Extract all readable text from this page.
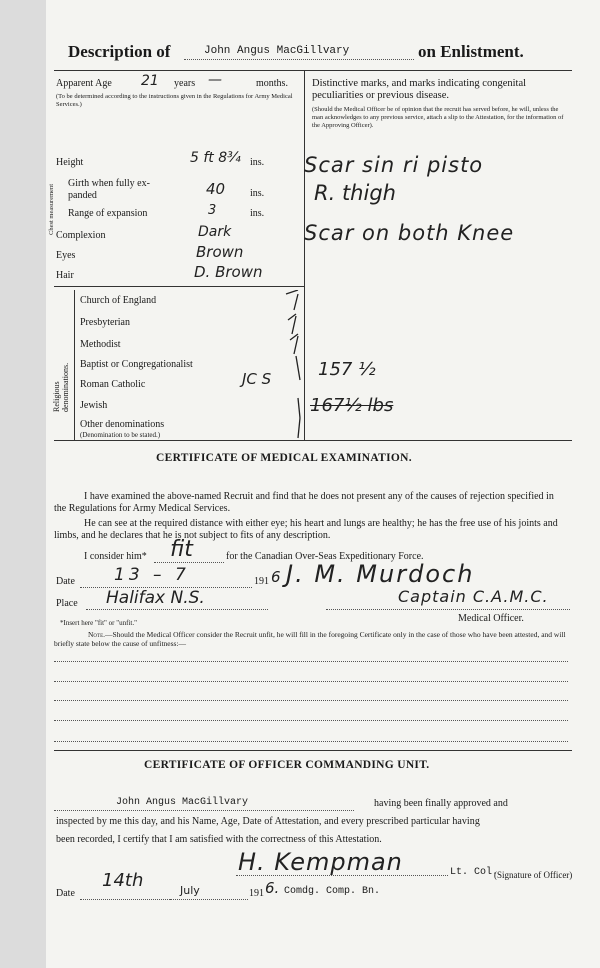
Description of	John Angus MacGillvary	on Enlistment.
Apparent Age 21	—
years	months.
(To be determined according to the instructions given in the Regulations for Army Medical Services.)
Height	5 ft 8¾ ins.
Chest measurement
Girth when fully ex-
panded	40 ins.
Range of expansion	3	ins.
Complexion	Dark
Eyes	Brown
Hair	D. Brown
Religious
denominations.
Church of England
Presbyterian
Methodist
Baptist or Congregationalist
Roman Catholic	JC S
Jewish
Other denominations
(Denomination to be stated.)
Distinctive marks, and marks indicating congenital peculiarities or previous disease.
(Should the Medical Officer be of opinion that the recruit has served before, he will, unless the man acknowledges to any previous service, attach a slip to the Attestation, for the information of the Approving Officer).
Scar sin ri pisto
R. thigh
Scar on both Knee
157 ½
167½ lbs
CERTIFICATE OF MEDICAL EXAMINATION.
I have examined the above-named Recruit and find that he does not present any of the causes of rejection specified in the Regulations for Army Medical Services.
He can see at the required distance with either eye; his heart and lungs are healthy; he has the free use of his joints and limbs, and he declares that he is not subject to fits of any description.
I consider him* fit	for the Canadian Over-Seas Expeditionary Force.
Date 13 – 7	191 6 J. M. Murdoch
Place Halifax N.S.	Captain C.A.M.C.
Medical Officer.
*Insert here "fit" or "unfit."
Note.—Should the Medical Officer consider the Recruit unfit, he will fill in the foregoing Certificate only in the case of those who have been attested, and will briefly state below the cause of unfitness:—
CERTIFICATE OF OFFICER COMMANDING UNIT.
John Angus MacGillvary	having been finally approved and
inspected by me this day, and his Name, Age, Date of Attestation, and every prescribed particular having
been recorded, I certify that I am satisfied with the correctness of this Attestation.
H. Kempman	Lt. Col.
(Signature of Officer)
Comdg. Comp. Bn.
Date
14th	July	191 6.
